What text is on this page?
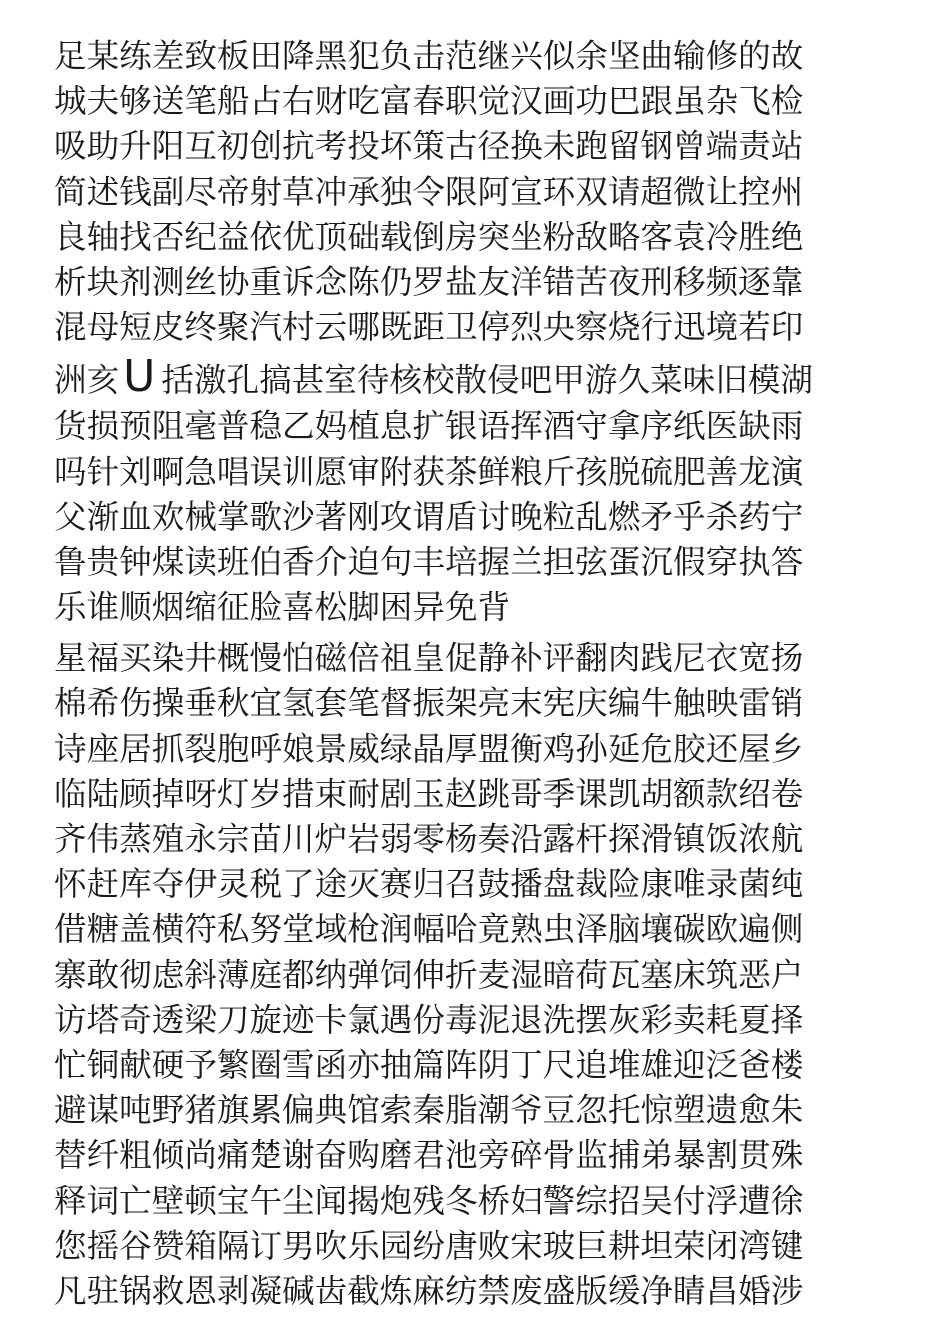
足某练差致板田降黑犯负击范继兴似余坚曲输修的故
城夫够送笔船占右财吃富春职觉汉画功巴跟虽杂飞检
吸助升阳互初创抗考投坏策古径换未跑留钢曾端责站
简述钱副尽帝射草冲承独令限阿宣环双请超微让控州
良轴找否纪益依优顶础载倒房突坐粉敌略客袁冷胜绝
析块剂测丝协重诉念陈仍罗盐友洋错苦夜刑移频逐靠
混母短皮终聚汽村云哪既距卫停烈央察烧行迅境若印
洲亥U 括激孔搞甚室待核校散侵吧甲游久菜味旧模湖
货损预阻毫普稳乙妈植息扩银语挥酒守拿序纸医缺雨
吗针刘啊急唱误训愿审附获茶鲜粮斤孩脱硫肥善龙演
父渐血欢械掌歌沙著刚攻谓盾讨晚粒乱燃矛乎杀药宁
鲁贵钟煤读班伯香介迫句丰培握兰担弦蛋沉假穿执答
乐谁顺烟缩征脸喜松脚困异免背
星福买染井概慢怕磁倍祖皇促静补评翻肉践尼衣宽扬
棉希伤操垂秋宜氢套笔督振架亮末宪庆编牛触映雷销
诗座居抓裂胞呼娘景威绿晶厚盟衡鸡孙延危胶还屋乡
临陆顾掉呀灯岁措束耐剧玉赵跳哥季课凯胡额款绍卷
齐伟蒸殖永宗苗川炉岩弱零杨奏沿露杆探滑镇饭浓航
怀赶库夺伊灵税了途灭赛归召鼓播盘裁险康唯录菌纯
借糖盖横符私努堂域枪润幅哈竟熟虫泽脑壤碳欧遍侧
寨敢彻虑斜薄庭都纳弹饲伸折麦湿暗荷瓦塞床筑恶户
访塔奇透梁刀旋迹卡氯遇份毒泥退洗摆灰彩卖耗夏择
忙铜献硬予繁圈雪函亦抽篇阵阴丁尺追堆雄迎泛爸楼
避谋吨野猪旗累偏典馆索秦脂潮爷豆忽托惊塑遗愈朱
替纤粗倾尚痛楚谢奋购磨君池旁碎骨监捕弟暴割贯殊
释词亡壁顿宝午尘闻揭炮残冬桥妇警综招吴付浮遭徐
您摇谷赞箱隔订男吹乐园纷唐败宋玻巨耕坦荣闭湾键
凡驻锅救恩剥凝碱齿截炼麻纺禁废盛版缓净睛昌婚涉
